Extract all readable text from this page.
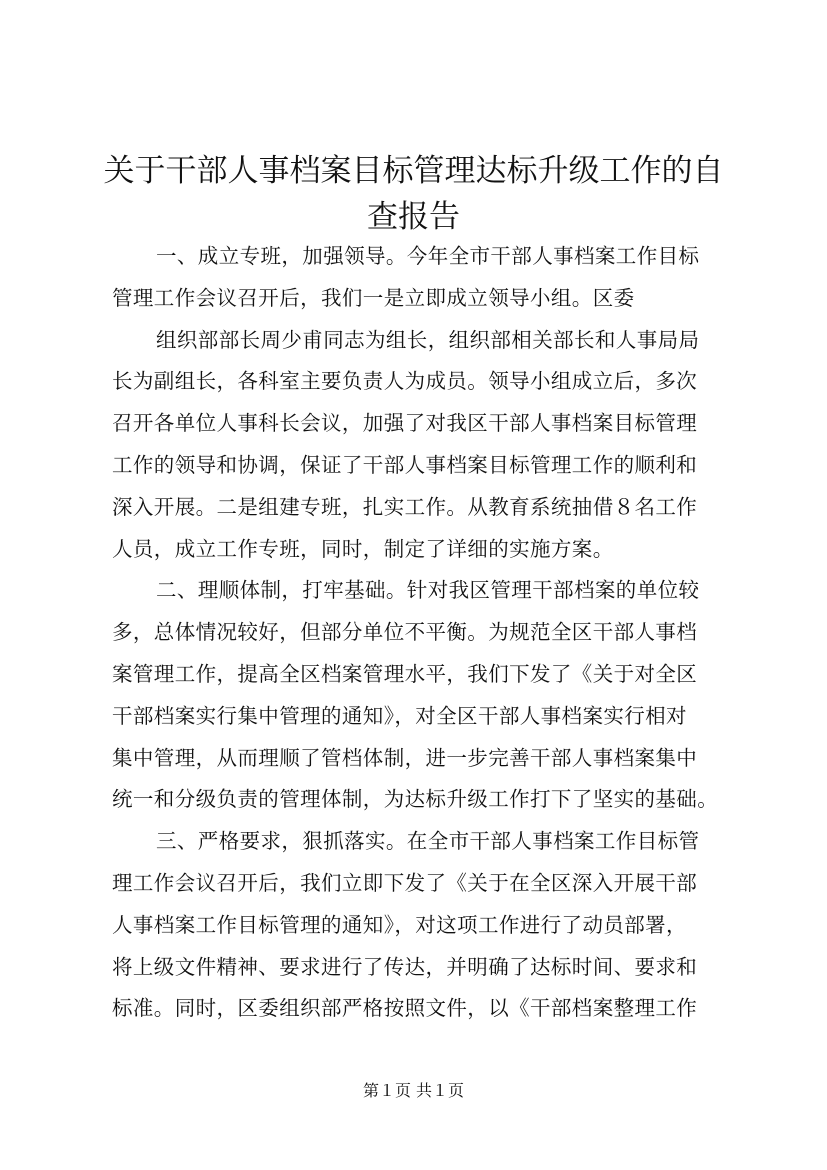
关于干部人事档案目标管理达标升级工作的自
查报告
一、成立专班，加强领导。今年全市干部人事档案工作目标
管理工作会议召开后，我们一是立即成立领导小组。区委
组织部部长周少甫同志为组长，组织部相关部长和人事局局
长为副组长，各科室主要负责人为成员。领导小组成立后，多次
召开各单位人事科长会议，加强了对我区干部人事档案目标管理
工作的领导和协调，保证了干部人事档案目标管理工作的顺利和
深入开展。二是组建专班，扎实工作。从教育系统抽借８名工作
人员，成立工作专班，同时，制定了详细的实施方案。
二、理顺体制，打牢基础。针对我区管理干部档案的单位较
多，总体情况较好，但部分单位不平衡。为规范全区干部人事档
案管理工作，提高全区档案管理水平，我们下发了《关于对全区
干部档案实行集中管理的通知》，对全区干部人事档案实行相对
集中管理，从而理顺了管档体制，进一步完善干部人事档案集中
统一和分级负责的管理体制，为达标升级工作打下了坚实的基础。
三、严格要求，狠抓落实。在全市干部人事档案工作目标管
理工作会议召开后，我们立即下发了《关于在全区深入开展干部
人事档案工作目标管理的通知》，对这项工作进行了动员部署，
将上级文件精神、要求进行了传达，并明确了达标时间、要求和
标准。同时，区委组织部严格按照文件，以《干部档案整理工作
第１页 共１页
